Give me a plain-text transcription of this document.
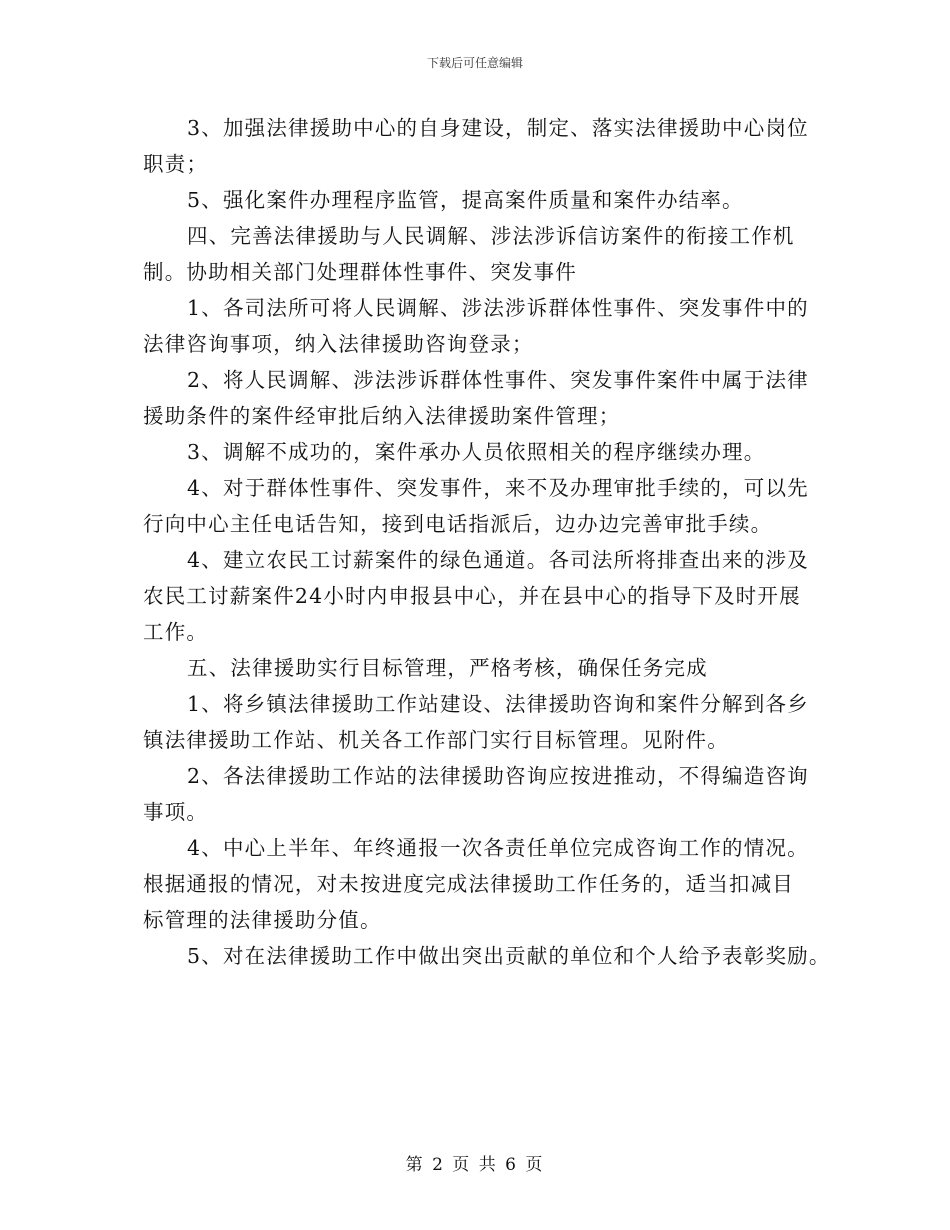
下载后可任意编辑
3、加强法律援助中心的自身建设，制定、落实法律援助中心岗位
职责；
5、强化案件办理程序监管，提高案件质量和案件办结率。
四、完善法律援助与人民调解、涉法涉诉信访案件的衔接工作机
制。协助相关部门处理群体性事件、突发事件
1、各司法所可将人民调解、涉法涉诉群体性事件、突发事件中的
法律咨询事项，纳入法律援助咨询登录；
2、将人民调解、涉法涉诉群体性事件、突发事件案件中属于法律
援助条件的案件经审批后纳入法律援助案件管理；
3、调解不成功的，案件承办人员依照相关的程序继续办理。
4、对于群体性事件、突发事件，来不及办理审批手续的，可以先
行向中心主任电话告知，接到电话指派后，边办边完善审批手续。
4、建立农民工讨薪案件的绿色通道。各司法所将排查出来的涉及
农民工讨薪案件24小时内申报县中心，并在县中心的指导下及时开展
工作。
五、法律援助实行目标管理，严格考核，确保任务完成
1、将乡镇法律援助工作站建设、法律援助咨询和案件分解到各乡
镇法律援助工作站、机关各工作部门实行目标管理。见附件。
2、各法律援助工作站的法律援助咨询应按进推动，不得编造咨询
事项。
4、中心上半年、年终通报一次各责任单位完成咨询工作的情况。
根据通报的情况，对未按进度完成法律援助工作任务的，适当扣减目
标管理的法律援助分值。
5、对在法律援助工作中做出突出贡献的单位和个人给予表彰奖励。
第 2 页 共 6 页
